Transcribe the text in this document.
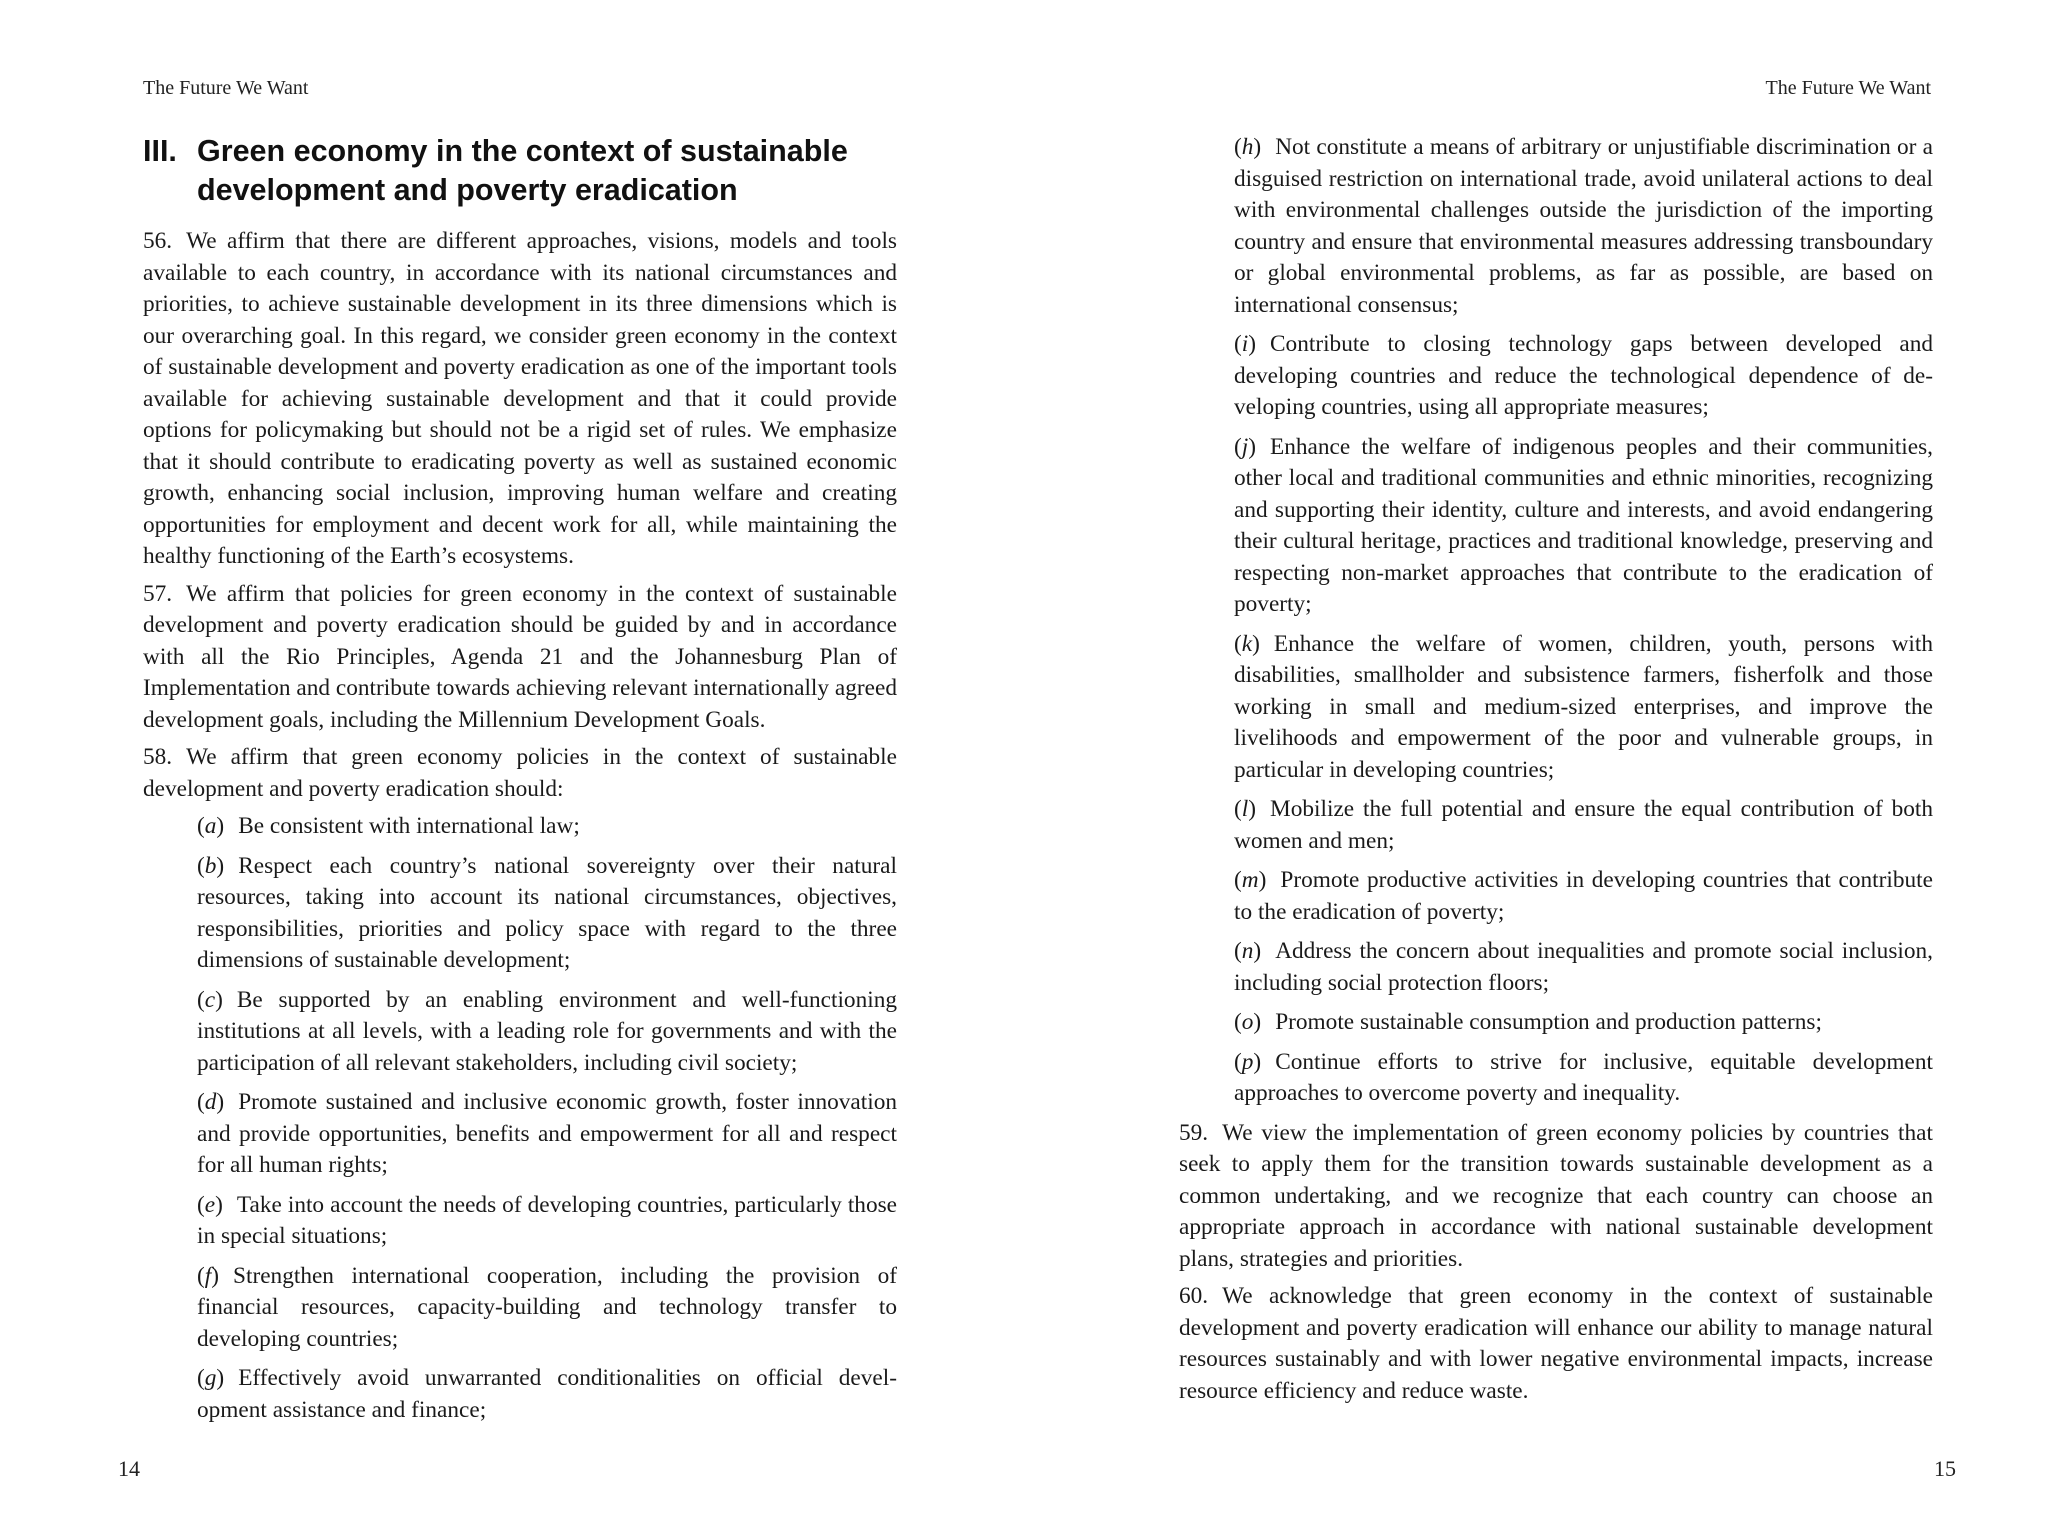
The Future We Want
III. Green economy in the context of sustainable development and poverty eradication

56. We affirm that there are different approaches, visions, models and tools available to each country, in accordance with its national circumstances and priorities, to achieve sustainable development in its three dimensions which is our overarching goal. In this regard, we consider green economy in the context of sustainable development and poverty eradication as one of the important tools available for achieving sustainable development and that it could provide options for policymaking but should not be a rigid set of rules. We emphasize that it should contribute to eradicating poverty as well as sustained economic growth, enhancing social inclusion, improving human welfare and creating opportunities for employment and decent work for all, while maintaining the healthy functioning of the Earth’s ecosystems.

57. We affirm that policies for green economy in the context of sustainable development and poverty eradication should be guided by and in accordance with all the Rio Principles, Agenda 21 and the Johannesburg Plan of Implementation and contribute towards achieving relevant internationally agreed development goals, including the Millennium Development Goals.

58. We affirm that green economy policies in the context of sustainable development and poverty eradication should:

(a) Be consistent with international law;

(b) Respect each country’s national sovereignty over their natural resources, taking into account its national circumstances, objectives, responsibilities, priorities and policy space with regard to the three dimensions of sustainable development;

(c) Be supported by an enabling environment and well-functioning institutions at all levels, with a leading role for governments and with the participation of all relevant stakeholders, including civil society;

(d) Promote sustained and inclusive economic growth, foster innovation and provide opportunities, benefits and empowerment for all and respect for all human rights;

(e) Take into account the needs of developing countries, particularly those in special situations;

(f) Strengthen international cooperation, including the provision of financial resources, capacity-building and technology transfer to developing countries;

(g) Effectively avoid unwarranted conditionalities on official development assistance and finance;

14
The Future We Want

(h) Not constitute a means of arbitrary or unjustifiable discrimination or a disguised restriction on international trade, avoid unilateral actions to deal with environmental challenges outside the jurisdiction of the importing country and ensure that environmental measures addressing transboundary or global environmental problems, as far as possible, are based on international consensus;

(i) Contribute to closing technology gaps between developed and developing countries and reduce the technological dependence of developing countries, using all appropriate measures;

(j) Enhance the welfare of indigenous peoples and their communities, other local and traditional communities and ethnic minorities, recognizing and supporting their identity, culture and interests, and avoid endangering their cultural heritage, practices and traditional knowledge, preserving and respecting non-market approaches that contribute to the eradication of poverty;

(k) Enhance the welfare of women, children, youth, persons with disabilities, smallholder and subsistence farmers, fisherfolk and those working in small and medium-sized enterprises, and improve the livelihoods and empowerment of the poor and vulnerable groups, in particular in developing countries;

(l) Mobilize the full potential and ensure the equal contribution of both women and men;

(m) Promote productive activities in developing countries that contribute to the eradication of poverty;

(n) Address the concern about inequalities and promote social inclusion, including social protection floors;

(o) Promote sustainable consumption and production patterns;

(p) Continue efforts to strive for inclusive, equitable development approaches to overcome poverty and inequality.

59. We view the implementation of green economy policies by countries that seek to apply them for the transition towards sustainable development as a common undertaking, and we recognize that each country can choose an appropriate approach in accordance with national sustainable development plans, strategies and priorities.

60. We acknowledge that green economy in the context of sustainable development and poverty eradication will enhance our ability to manage natural resources sustainably and with lower negative environmental impacts, increase resource efficiency and reduce waste.

15
